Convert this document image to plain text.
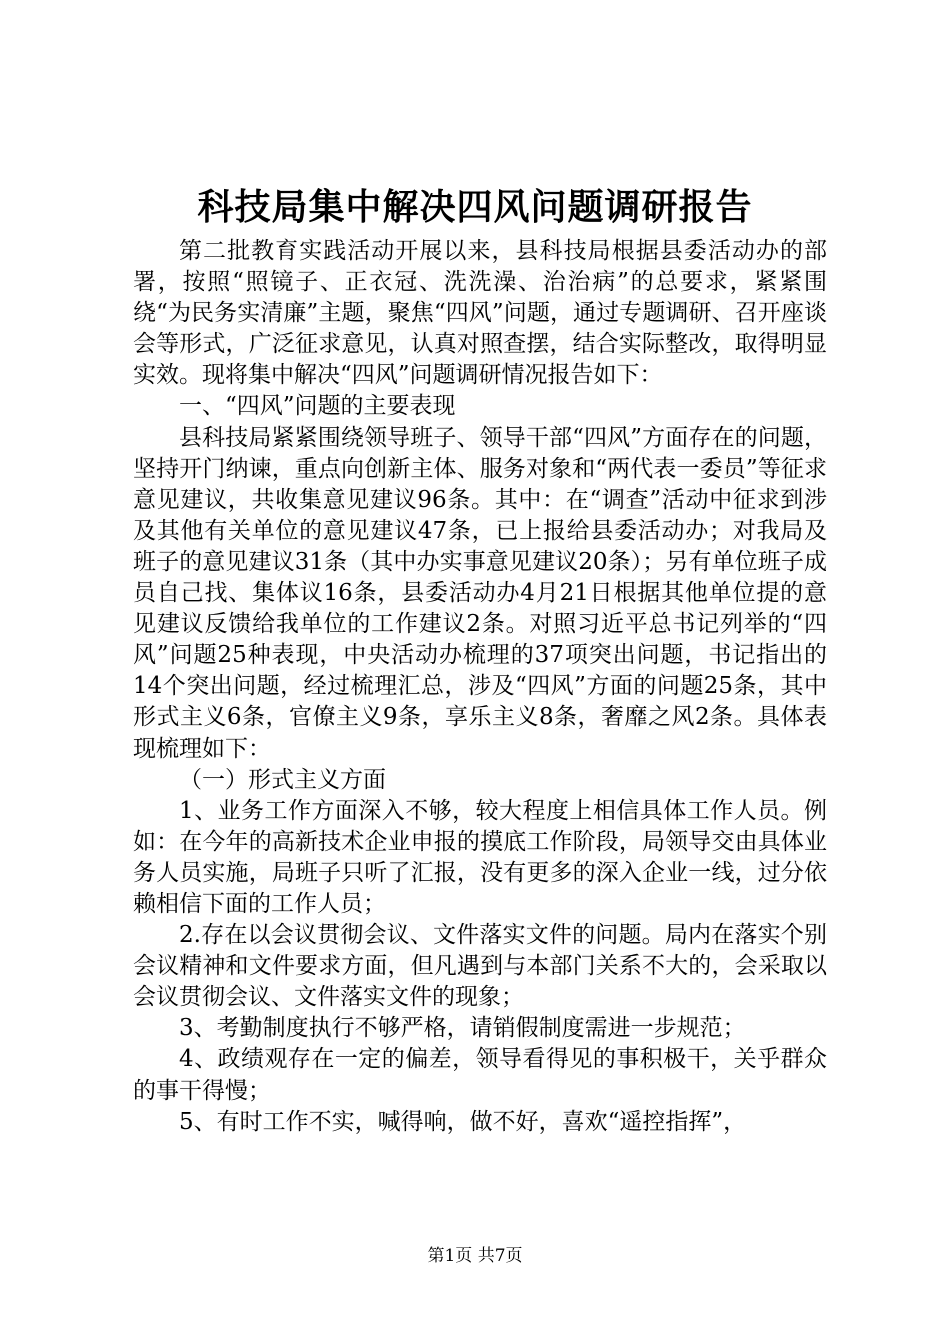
科技局集中解决四风问题调研报告

第二批教育实践活动开展以来，县科技局根据县委活动办的部署，按照“照镜子、正衣冠、洗洗澡、治治病”的总要求，紧紧围绕“为民务实清廉”主题，聚焦“四风”问题，通过专题调研、召开座谈会等形式，广泛征求意见，认真对照查摆，结合实际整改，取得明显实效。现将集中解决“四风”问题调研情况报告如下：

一、“四风”问题的主要表现

县科技局紧紧围绕领导班子、领导干部“四风”方面存在的问题，坚持开门纳谏，重点向创新主体、服务对象和“两代表一委员”等征求意见建议，共收集意见建议96条。其中：在“调查”活动中征求到涉及其他有关单位的意见建议47条，已上报给县委活动办；对我局及班子的意见建议31条（其中办实事意见建议20条）；另有单位班子成员自己找、集体议16条，县委活动办4月21日根据其他单位提的意见建议反馈给我单位的工作建议2条。对照习近平总书记列举的“四风”问题25种表现，中央活动办梳理的37项突出问题，书记指出的14个突出问题，经过梳理汇总，涉及“四风”方面的问题25条，其中形式主义6条，官僚主义9条，享乐主义8条，奢靡之风2条。具体表现梳理如下：

（一）形式主义方面

1、业务工作方面深入不够，较大程度上相信具体工作人员。例如：在今年的高新技术企业申报的摸底工作阶段，局领导交由具体业务人员实施，局班子只听了汇报，没有更多的深入企业一线，过分依赖相信下面的工作人员；

2.存在以会议贯彻会议、文件落实文件的问题。局内在落实个别会议精神和文件要求方面，但凡遇到与本部门关系不大的，会采取以会议贯彻会议、文件落实文件的现象；

3、考勤制度执行不够严格，请销假制度需进一步规范；

4、政绩观存在一定的偏差，领导看得见的事积极干，关乎群众的事干得慢；

5、有时工作不实，喊得响，做不好，喜欢“遥控指挥”，

第1页 共7页
